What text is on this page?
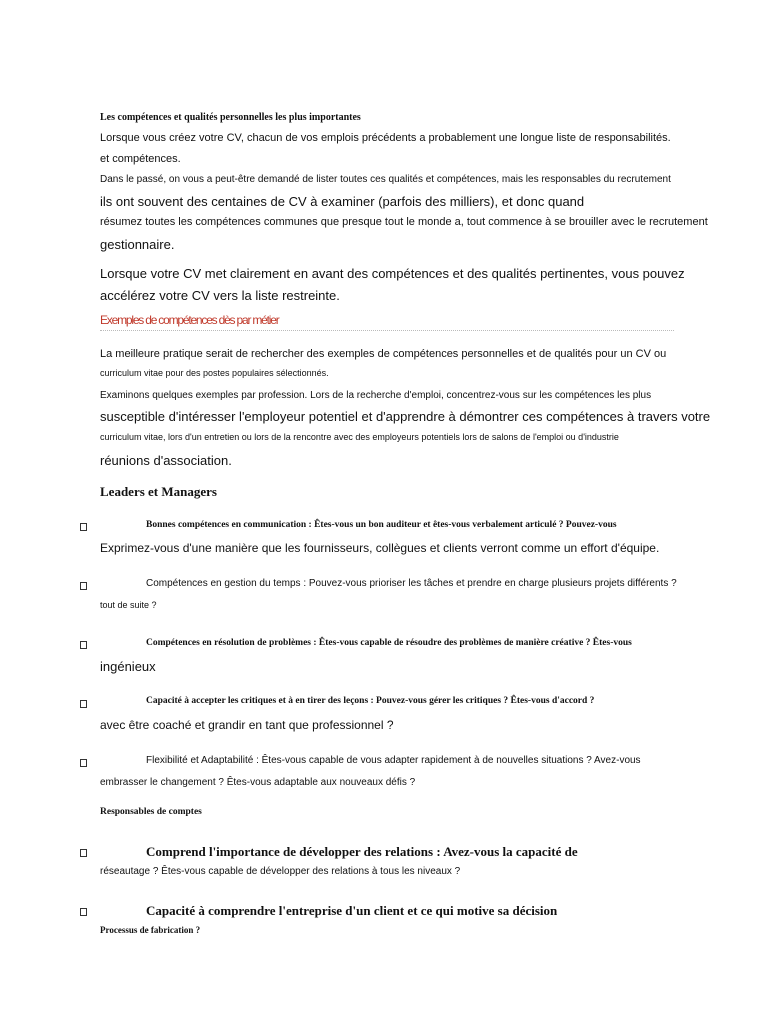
Les compétences et qualités personnelles les plus importantes
Lorsque vous créez votre CV, chacun de vos emplois précédents a probablement une longue liste de responsabilités.
et compétences.
Dans le passé, on vous a peut-être demandé de lister toutes ces qualités et compétences, mais les responsables du recrutement
ils ont souvent des centaines de CV à examiner (parfois des milliers), et donc quand
résumez toutes les compétences communes que presque tout le monde a, tout commence à se brouiller avec le recrutement
gestionnaire.
Lorsque votre CV met clairement en avant des compétences et des qualités pertinentes, vous pouvez
accélérez votre CV vers la liste restreinte.
Exemples de compétences dès par métier
La meilleure pratique serait de rechercher des exemples de compétences personnelles et de qualités pour un CV ou
curriculum vitae pour des postes populaires sélectionnés.
Examinons quelques exemples par profession. Lors de la recherche d'emploi, concentrez-vous sur les compétences les plus
susceptible d'intéresser l'employeur potentiel et d'apprendre à démontrer ces compétences à travers votre
curriculum vitae, lors d'un entretien ou lors de la rencontre avec des employeurs potentiels lors de salons de l'emploi ou d'industrie
réunions d'association.
Leaders et Managers
Bonnes compétences en communication : Êtes-vous un bon auditeur et êtes-vous verbalement articulé ? Pouvez-vous
Exprimez-vous d'une manière que les fournisseurs, collègues et clients verront comme un effort d'équipe.
Compétences en gestion du temps : Pouvez-vous prioriser les tâches et prendre en charge plusieurs projets différents ?
tout de suite ?
Compétences en résolution de problèmes : Êtes-vous capable de résoudre des problèmes de manière créative ? Êtes-vous
ingénieux
Capacité à accepter les critiques et à en tirer des leçons : Pouvez-vous gérer les critiques ? Êtes-vous d'accord ?
avec être coaché et grandir en tant que professionnel ?
Flexibilité et Adaptabilité : Êtes-vous capable de vous adapter rapidement à de nouvelles situations ? Avez-vous
embrasser le changement ? Êtes-vous adaptable aux nouveaux défis ?
Responsables de comptes
Comprend l'importance de développer des relations : Avez-vous la capacité de
réseautage ? Êtes-vous capable de développer des relations à tous les niveaux ?
Capacité à comprendre l'entreprise d'un client et ce qui motive sa décision
Processus de fabrication ?
